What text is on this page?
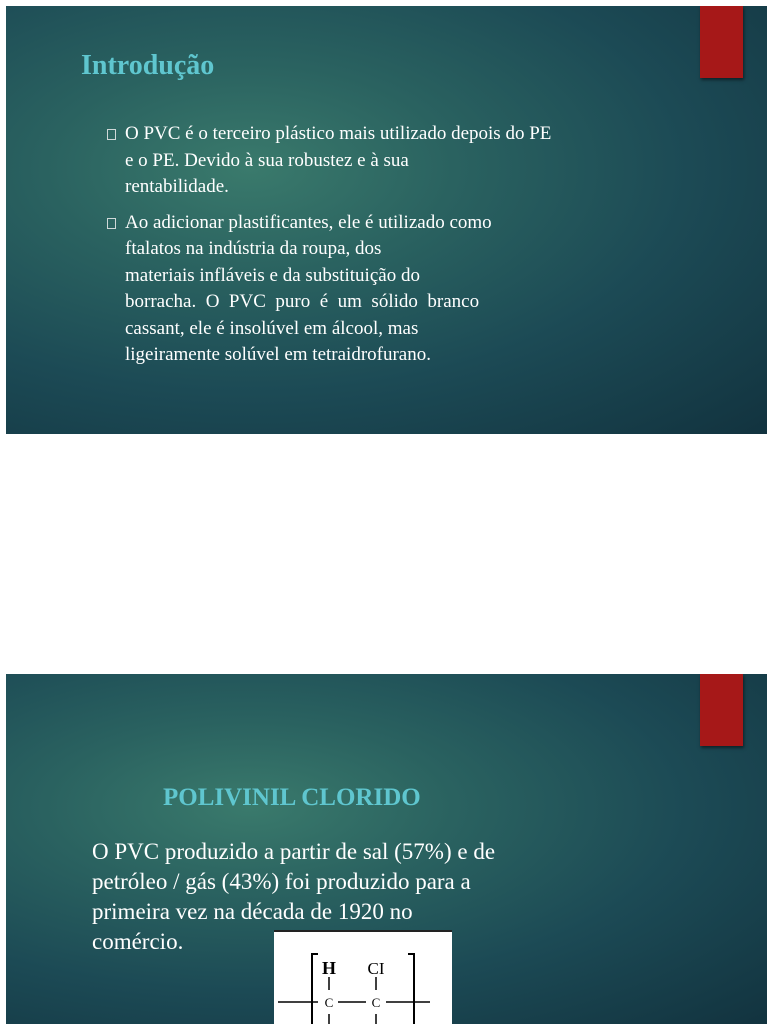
Introdução
O PVC é o terceiro plástico mais utilizado depois do PE
e o PE. Devido à sua robustez e à sua
rentabilidade.
Ao adicionar plastificantes, ele é utilizado como
ftalatos na indústria da roupa, dos
materiais infláveis e da substituição do
borracha.  O  PVC  puro  é  um  sólido  branco
cassant, ele é insolúvel em álcool, mas
ligeiramente solúvel em tetraidrofurano.
POLIVINIL CLORIDO

O PVC produzido a partir de sal (57%) e de
petróleo / gás (43%) foi produzido para a
primeira vez na década de 1920 no
comércio.

H CI
C	C
